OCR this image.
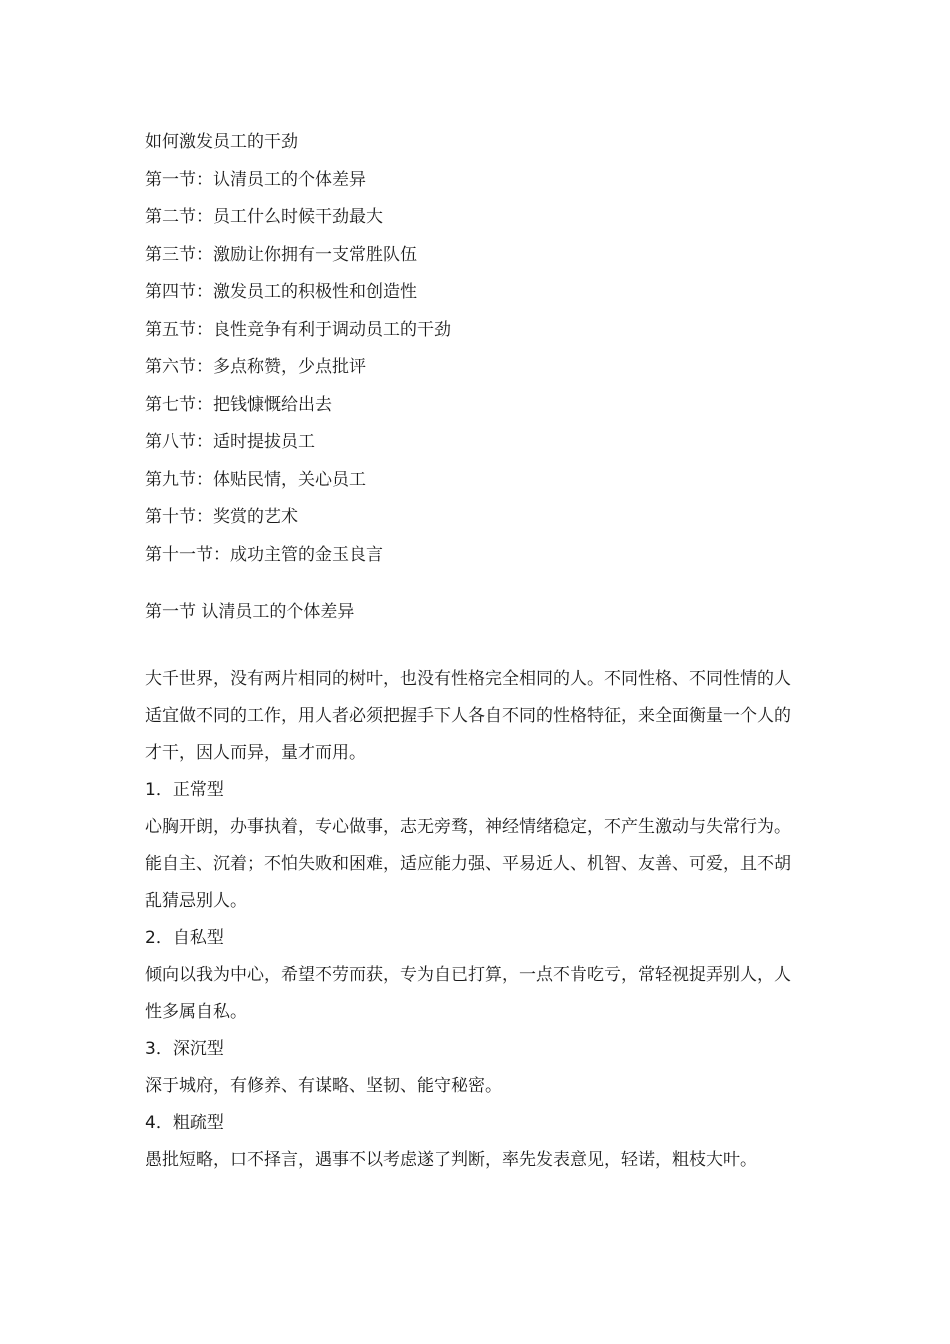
如何激发员工的干劲
第一节：认清员工的个体差异
第二节：员工什么时候干劲最大
第三节：激励让你拥有一支常胜队伍
第四节：激发员工的积极性和创造性
第五节：良性竞争有利于调动员工的干劲
第六节：多点称赞，少点批评
第七节：把钱慷慨给出去
第八节：适时提拔员工
第九节：体贴民情，关心员工
第十节：奖赏的艺术
第十一节：成功主管的金玉良言
第一节 认清员工的个体差异

大千世界，没有两片相同的树叶，也没有性格完全相同的人。不同性格、不同性情的人适宜做不同的工作，用人者必须把握手下人各自不同的性格特征，来全面衡量一个人的才干，因人而异，量才而用。

1．正常型

心胸开朗，办事执着，专心做事，志无旁骛，神经情绪稳定，不产生激动与失常行为。能自主、沉着；不怕失败和困难，适应能力强、平易近人、机智、友善、可爱，且不胡乱猜忌别人。

2．自私型

倾向以我为中心，希望不劳而获，专为自已打算，一点不肯吃亏，常轻视捉弄别人，人性多属自私。

3．深沉型

深于城府，有修养、有谋略、坚韧、能守秘密。

4．粗疏型

愚批短略，口不择言，遇事不以考虑遂了判断，率先发表意见，轻诺，粗枝大叶。
